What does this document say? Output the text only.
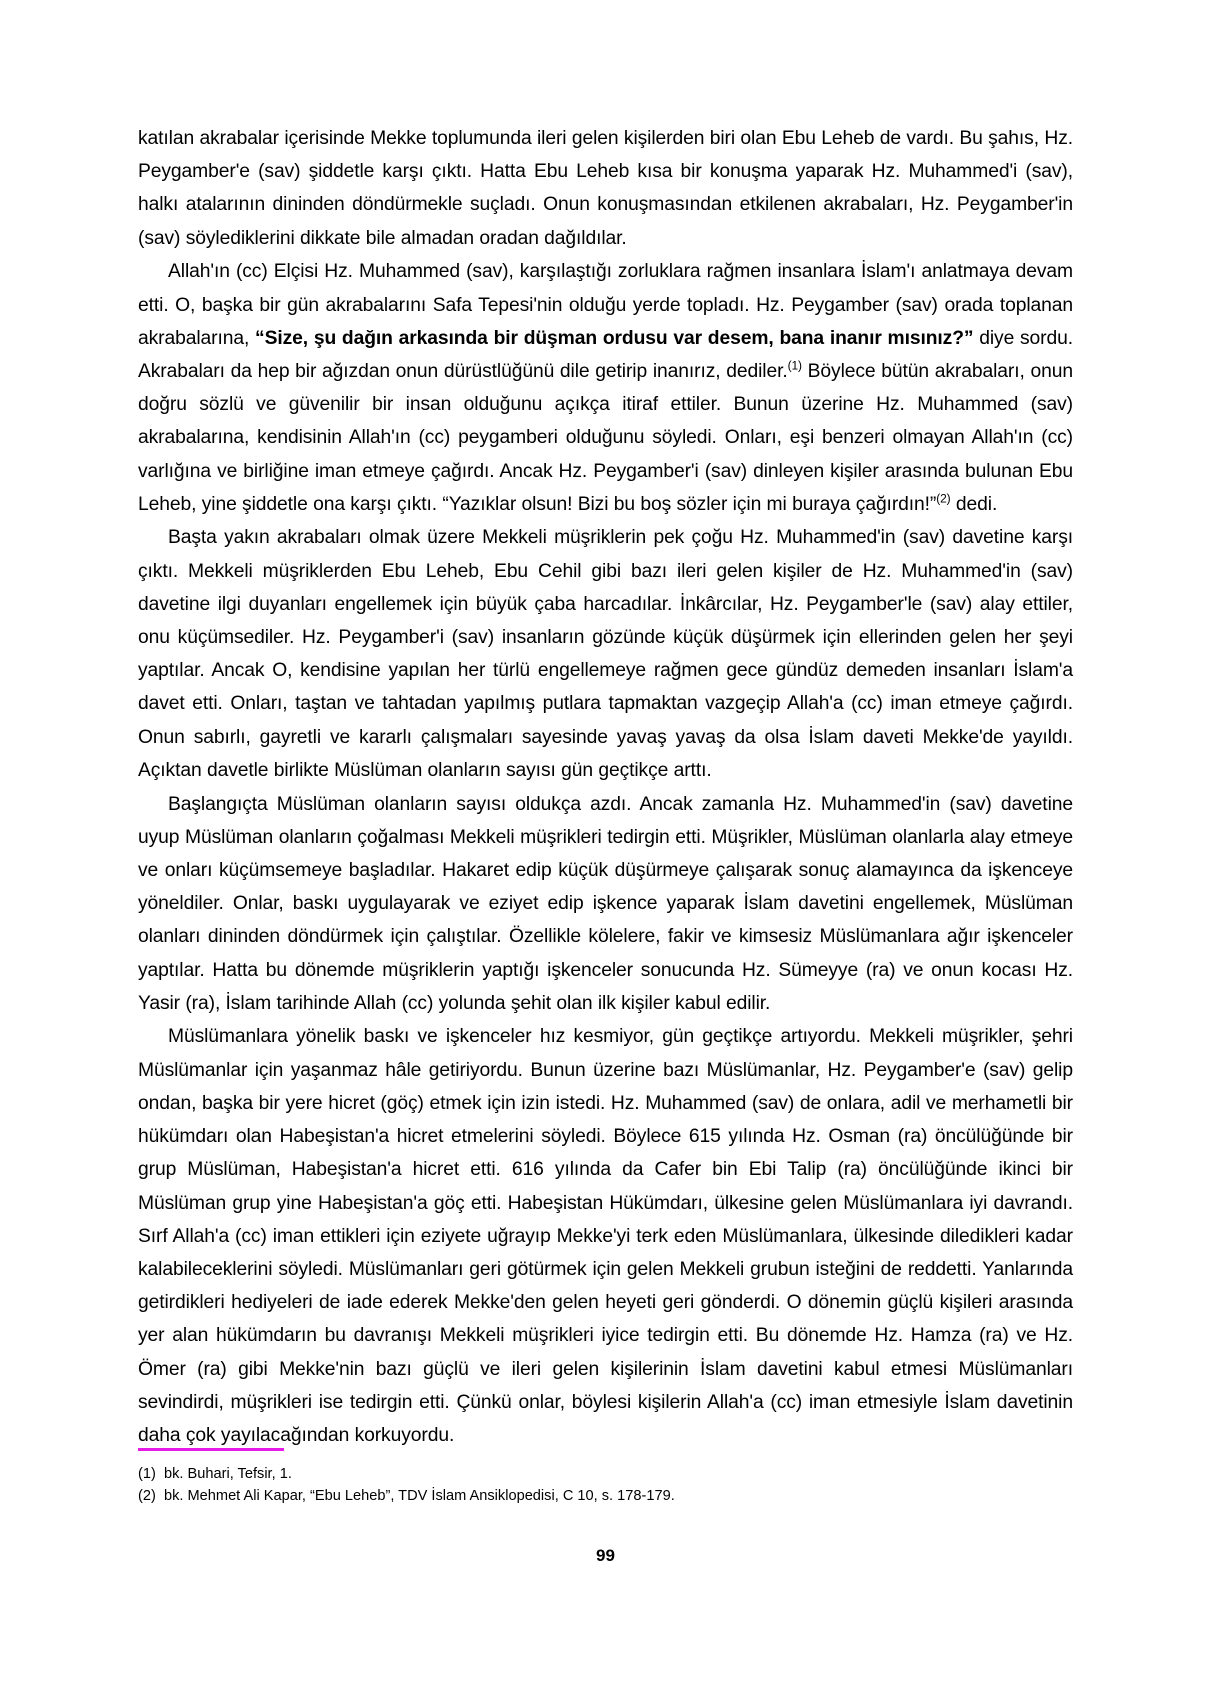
katılan akrabalar içerisinde Mekke toplumunda ileri gelen kişilerden biri olan Ebu Leheb de vardı. Bu şahıs, Hz. Peygamber'e (sav) şiddetle karşı çıktı. Hatta Ebu Leheb kısa bir konuşma yaparak Hz. Muhammed'i (sav), halkı atalarının dininden döndürmekle suçladı. Onun konuşmasından etkilenen akrabaları, Hz. Peygamber'in (sav) söylediklerini dikkate bile almadan oradan dağıldılar.

Allah'ın (cc) Elçisi Hz. Muhammed (sav), karşılaştığı zorluklara rağmen insanlara İslam'ı anlatmaya devam etti. O, başka bir gün akrabalarını Safa Tepesi'nin olduğu yerde topladı. Hz. Peygamber (sav) orada toplanan akrabalarına, “Size, şu dağın arkasında bir düşman ordusu var desem, bana inanır mısınız?” diye sordu. Akrabaları da hep bir ağızdan onun dürüstlüğünü dile getirip inanırız, dediler.$^{(1)}$ Böylece bütün akrabaları, onun doğru sözlü ve güvenilir bir insan olduğunu açıkça itiraf ettiler. Bunun üzerine Hz. Muhammed (sav) akrabalarına, kendisinin Allah'ın (cc) peygamberi olduğunu söyledi. Onları, eşi benzeri olmayan Allah'ın (cc) varlığına ve birliğine iman etmeye çağırdı. Ancak Hz. Peygamber'i (sav) dinleyen kişiler arasında bulunan Ebu Leheb, yine şiddetle ona karşı çıktı. “Yazıklar olsun! Bizi bu boş sözler için mi buraya çağırdın!”$^{(2)}$ dedi.

Başta yakın akrabaları olmak üzere Mekkeli müşriklerin pek çoğu Hz. Muhammed'in (sav) davetine karşı çıktı. Mekkeli müşriklerden Ebu Leheb, Ebu Cehil gibi bazı ileri gelen kişiler de Hz. Muhammed'in (sav) davetine ilgi duyanları engellemek için büyük çaba harcadılar. İnkârcılar, Hz. Peygamber'le (sav) alay ettiler, onu küçümsediler. Hz. Peygamber'i (sav) insanların gözünde küçük düşürmek için ellerinden gelen her şeyi yaptılar. Ancak O, kendisine yapılan her türlü engellemeye rağmen gece gündüz demeden insanları İslam'a davet etti. Onları, taştan ve tahtadan yapılmış putlara tapmaktan vazgeçip Allah'a (cc) iman etmeye çağırdı. Onun sabırlı, gayretli ve kararlı çalışmaları sayesinde yavaş yavaş da olsa İslam daveti Mekke'de yayıldı. Açıktan davetle birlikte Müslüman olanların sayısı gün geçtikçe arttı.

Başlangıçta Müslüman olanların sayısı oldukça azdı. Ancak zamanla Hz. Muhammed'in (sav) davetine uyup Müslüman olanların çoğalması Mekkeli müşrikleri tedirgin etti. Müşrikler, Müslüman olanlarla alay etmeye ve onları küçümsemeye başladılar. Hakaret edip küçük düşürmeye çalışarak sonuç alamayınca da işkenceye yöneldiler. Onlar, baskı uygulayarak ve eziyet edip işkence yaparak İslam davetini engellemek, Müslüman olanları dininden döndürmek için çalıştılar. Özellikle kölelere, fakir ve kimsesiz Müslümanlara ağır işkenceler yaptılar. Hatta bu dönemde müşriklerin yaptığı işkenceler sonucunda Hz. Sümeyye (ra) ve onun kocası Hz. Yasir (ra), İslam tarihinde Allah (cc) yolunda şehit olan ilk kişiler kabul edilir.

Müslümanlara yönelik baskı ve işkenceler hız kesmiyor, gün geçtikçe artıyordu. Mekkeli müşrikler, şehri Müslümanlar için yaşanmaz hâle getiriyordu. Bunun üzerine bazı Müslümanlar, Hz. Peygamber'e (sav) gelip ondan, başka bir yere hicret (göç) etmek için izin istedi. Hz. Muhammed (sav) de onlara, adil ve merhametli bir hükümdarı olan Habeşistan'a hicret etmelerini söyledi. Böylece 615 yılında Hz. Osman (ra) öncülüğünde bir grup Müslüman, Habeşistan'a hicret etti. 616 yılında da Cafer bin Ebi Talip (ra) öncülüğünde ikinci bir Müslüman grup yine Habeşistan'a göç etti. Habeşistan Hükümdarı, ülkesine gelen Müslümanlara iyi davrandı. Sırf Allah'a (cc) iman ettikleri için eziyete uğrayıp Mekke'yi terk eden Müslümanlara, ülkesinde diledikleri kadar kalabileceklerini söyledi. Müslümanları geri götürmek için gelen Mekkeli grubun isteğini de reddetti. Yanlarında getirdikleri hediyeleri de iade ederek Mekke'den gelen heyeti geri gönderdi. O dönemin güçlü kişileri arasında yer alan hükümdarın bu davranışı Mekkeli müşrikleri iyice tedirgin etti. Bu dönemde Hz. Hamza (ra) ve Hz. Ömer (ra) gibi Mekke'nin bazı güçlü ve ileri gelen kişilerinin İslam davetini kabul etmesi Müslümanları sevindirdi, müşrikleri ise tedirgin etti. Çünkü onlar, böylesi kişilerin Allah'a (cc) iman etmesiyle İslam davetinin daha çok yayılacağından korkuyordu.

(1) bk. Buhari, Tefsir, 1.

(2) bk. Mehmet Ali Kapar, “Ebu Leheb”, TDV İslam Ansiklopedisi, C 10, s. 178-179.

99
